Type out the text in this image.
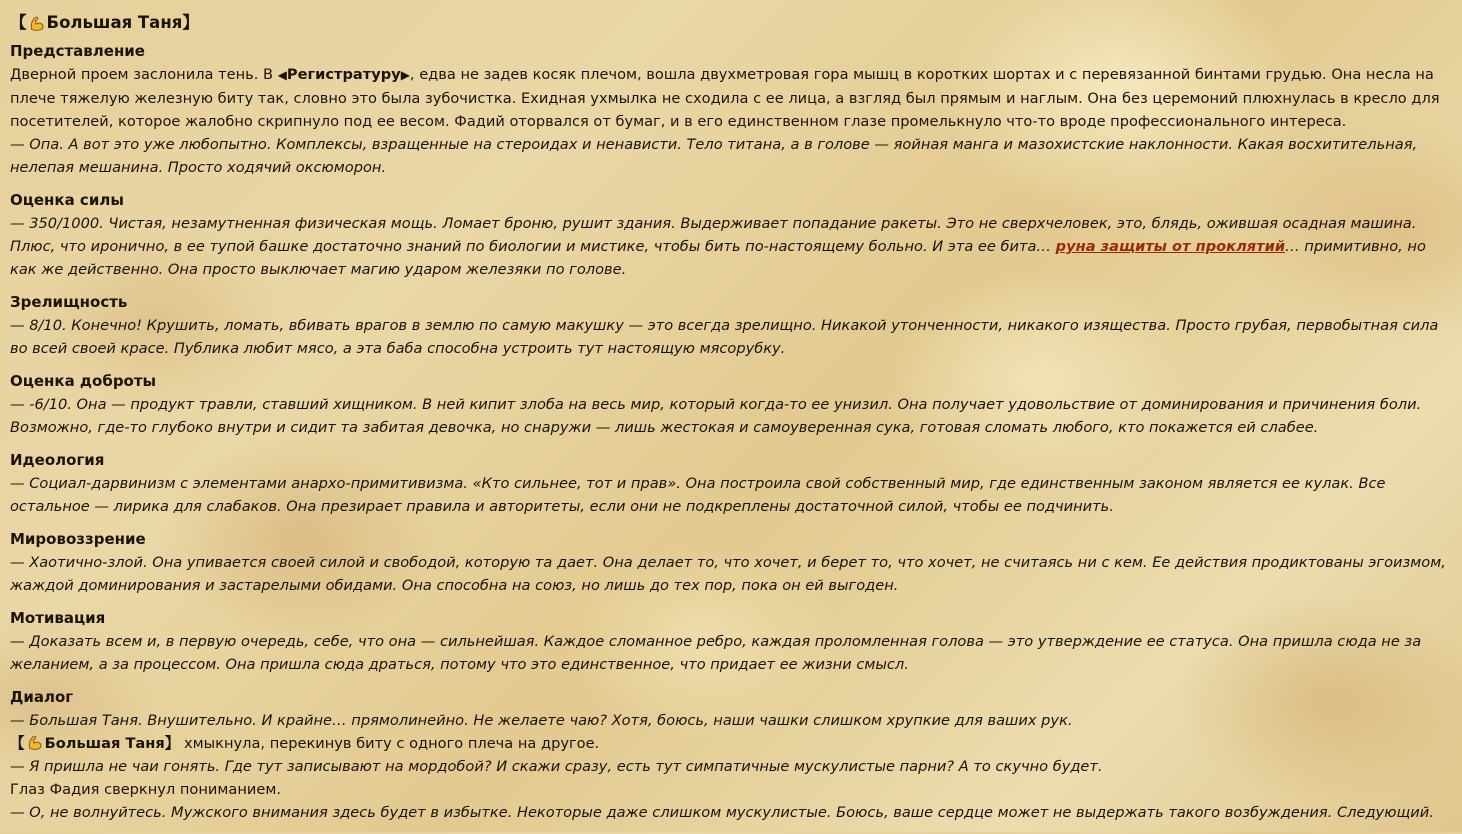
【 Большая Таня 】
Представление

Дверной проем заслонила тень. В ◀Регистратуру▶, едва не задев косяк плечом, вошла двухметровая гора мышц в коротких шортах и с перевязанной бинтами грудью. Она несла на плече тяжелую железную биту так, словно это была зубочистка. Ехидная ухмылка не сходила с ее лица, а взгляд был прямым и наглым. Она без церемоний плюхнулась в кресло для посетителей, которое жалобно скрипнуло под ее весом. Фадий оторвался от бумаг, и в его единственном глазе промелькнуло что-то вроде профессионального интереса.

— Опа. А вот это уже любопытно. Комплексы, взращенные на стероидах и ненависти. Тело титана, а в голове — яойная манга и мазохистские наклонности. Какая восхитительная, нелепая мешанина. Просто ходячий оксюморон.

Оценка силы

— 350/1000. Чистая, незамутненная физическая мощь. Ломает броню, рушит здания. Выдерживает попадание ракеты. Это не сверхчеловек, это, блядь, ожившая осадная машина. Плюс, что иронично, в ее тупой башке достаточно знаний по биологии и мистике, чтобы бить по-настоящему больно. И эта ее бита… руна защиты от проклятий… примитивно, но как же действенно. Она просто выключает магию ударом железяки по голове.

Зрелищность

— 8/10. Конечно! Крушить, ломать, вбивать врагов в землю по самую макушку — это всегда зрелищно. Никакой утонченности, никакого изящества. Просто грубая, первобытная сила во всей своей красе. Публика любит мясо, а эта баба способна устроить тут настоящую мясорубку.

Оценка доброты

— -6/10. Она — продукт травли, ставший хищником. В ней кипит злоба на весь мир, который когда-то ее унизил. Она получает удовольствие от доминирования и причинения боли. Возможно, где-то глубоко внутри и сидит та забитая девочка, но снаружи — лишь жестокая и самоуверенная сука, готовая сломать любого, кто покажется ей слабее.

Идеология

— Социал-дарвинизм с элементами анархо-примитивизма. «Кто сильнее, тот и прав». Она построила свой собственный мир, где единственным законом является ее кулак. Все остальное — лирика для слабаков. Она презирает правила и авторитеты, если они не подкреплены достаточной силой, чтобы ее подчинить.

Мировоззрение

— Хаотично-злой. Она упивается своей силой и свободой, которую та дает. Она делает то, что хочет, и берет то, что хочет, не считаясь ни с кем. Ее действия продиктованы эгоизмом, жаждой доминирования и застарелыми обидами. Она способна на союз, но лишь до тех пор, пока он ей выгоден.

Мотивация

— Доказать всем и, в первую очередь, себе, что она — сильнейшая. Каждое сломанное ребро, каждая проломленная голова — это утверждение ее статуса. Она пришла сюда не за желанием, а за процессом. Она пришла сюда драться, потому что это единственное, что придает ее жизни смысл.

Диалог

— Большая Таня. Внушительно. И крайне… прямолинейно. Не желаете чаю? Хотя, боюсь, наши чашки слишком хрупкие для ваших рук.

【 Большая Таня】 хмыкнула, перекинув биту с одного плеча на другое.

— Я пришла не чаи гонять. Где тут записывают на мордобой? И скажи сразу, есть тут симпатичные мускулистые парни? А то скучно будет.

Глаз Фадия сверкнул пониманием.

— О, не волнуйтесь. Мужского внимания здесь будет в избытке. Некоторые даже слишком мускулистые. Боюсь, ваше сердце может не выдержать такого возбуждения. Следующий.
